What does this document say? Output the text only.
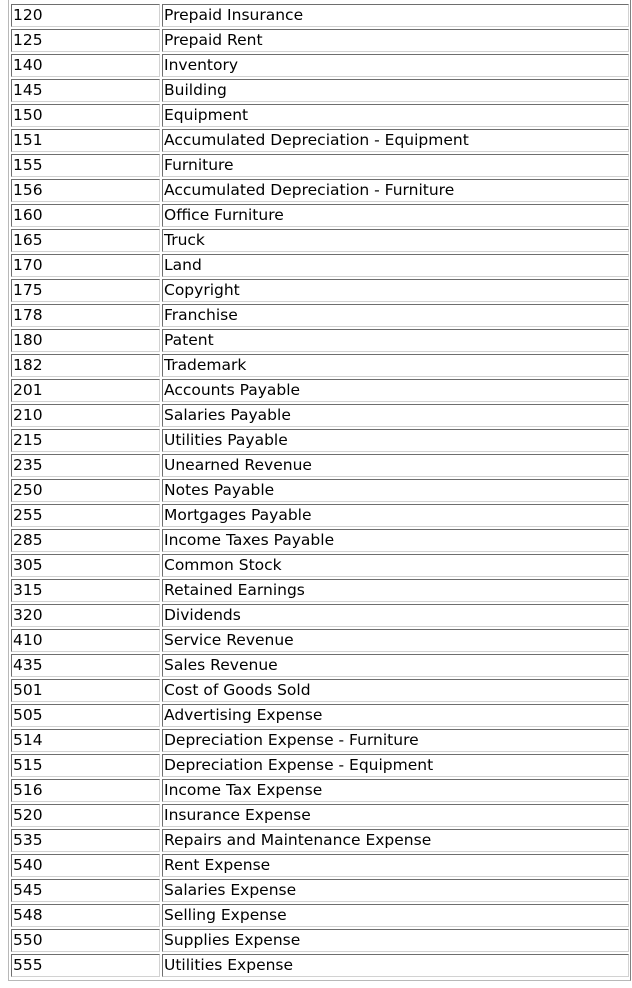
120	Prepaid Insurance
125	Prepaid Rent
140	Inventory
145	Building
150	Equipment
151	Accumulated Depreciation - Equipment
155	Furniture
156	Accumulated Depreciation - Furniture
160	Office Furniture
165	Truck
170	Land
175	Copyright
178	Franchise
180	Patent
182	Trademark
201	Accounts Payable
210	Salaries Payable
215	Utilities Payable
235	Unearned Revenue
250	Notes Payable
255	Mortgages Payable
285	Income Taxes Payable
305	Common Stock
315	Retained Earnings
320	Dividends
410	Service Revenue
435	Sales Revenue
501	Cost of Goods Sold
505	Advertising Expense
514	Depreciation Expense - Furniture
515	Depreciation Expense - Equipment
516	Income Tax Expense
520	Insurance Expense
535	Repairs and Maintenance Expense
540	Rent Expense
545	Salaries Expense
548	Selling Expense
550	Supplies Expense
555	Utilities Expense
